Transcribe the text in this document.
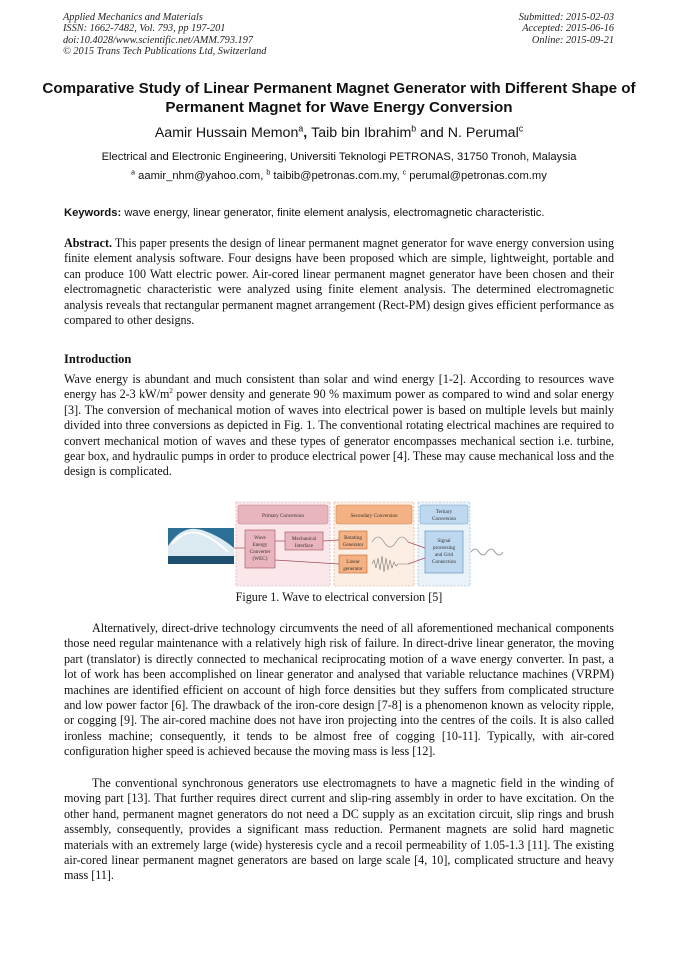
Applied Mechanics and Materials
ISSN: 1662-7482, Vol. 793, pp 197-201
doi:10.4028/www.scientific.net/AMM.793.197
© 2015 Trans Tech Publications Ltd, Switzerland
Submitted: 2015-02-03
Accepted: 2015-06-16
Online: 2015-09-21
Comparative Study of Linear Permanent Magnet Generator with Different Shape of Permanent Magnet for Wave Energy Conversion
Aamir Hussain Memon$^a$, Taib bin Ibrahim$^b$ and N. Perumal$^c$
Electrical and Electronic Engineering, Universiti Teknologi PETRONAS, 31750 Tronoh, Malaysia
$^a$ aamir_nhm@yahoo.com, $^b$ taibib@petronas.com.my, $^c$ perumal@petronas.com.my
Keywords: wave energy, linear generator, finite element analysis, electromagnetic characteristic.
Abstract. This paper presents the design of linear permanent magnet generator for wave energy conversion using finite element analysis software. Four designs have been proposed which are simple, lightweight, portable and can produce 100 Watt electric power. Air-cored linear permanent magnet generator have been chosen and their electromagnetic characteristic were analyzed using finite element analysis. The determined electromagnetic analysis reveals that rectangular permanent magnet arrangement (Rect-PM) design gives efficient performance as compared to other designs.
Introduction
Wave energy is abundant and much consistent than solar and wind energy [1-2]. According to resources wave energy has 2-3 $kW/m^2$ power density and generate 90 % maximum power as compared to wind and solar energy [3]. The conversion of mechanical motion of waves into electrical power is based on multiple levels but mainly divided into three conversions as depicted in Fig. 1. The conventional rotating electrical machines are required to convert mechanical motion of waves and these types of generator encompasses mechanical section i.e. turbine, gear box, and hydraulic pumps in order to produce electrical power [4]. These may cause mechanical loss and the design is complicated.
Primary Conversion
Wave
Energy
Converter
(WEC)
Mechanical
Interface
Secondary Conversion
Rotating
Generator
Linear
generator
Tertiary
Conversion
Signal
processing
and Grid
Connection
Figure 1. Wave to electrical conversion [5]
Alternatively, direct-drive technology circumvents the need of all aforementioned mechanical components those need regular maintenance with a relatively high risk of failure. In direct-drive linear generator, the moving part (translator) is directly connected to mechanical reciprocating motion of a wave energy converter. In past, a lot of work has been accomplished on linear generator and analysed that variable reluctance machines (VRPM) machines are identified efficient on account of high force densities but they suffers from complicated structure and low power factor [6]. The drawback of the iron-core design [7-8] is a phenomenon known as velocity ripple, or cogging [9]. The air-cored machine does not have iron projecting into the centres of the coils. It is also called ironless machine; consequently, it tends to be almost free of cogging [10-11]. Typically, with air-cored configuration higher speed is achieved because the moving mass is less [12].
The conventional synchronous generators use electromagnets to have a magnetic field in the winding of moving part [13]. That further requires direct current and slip-ring assembly in order to have excitation. On the other hand, permanent magnet generators do not need a DC supply as an excitation circuit, slip rings and brush assembly, consequently, provides a significant mass reduction. Permanent magnets are solid hard magnetic materials with an extremely large (wide) hysteresis cycle and a recoil permeability of 1.05-1.3 [11]. The existing air-cored linear permanent magnet generators are based on large scale [4, 10], complicated structure and heavy mass [11].
